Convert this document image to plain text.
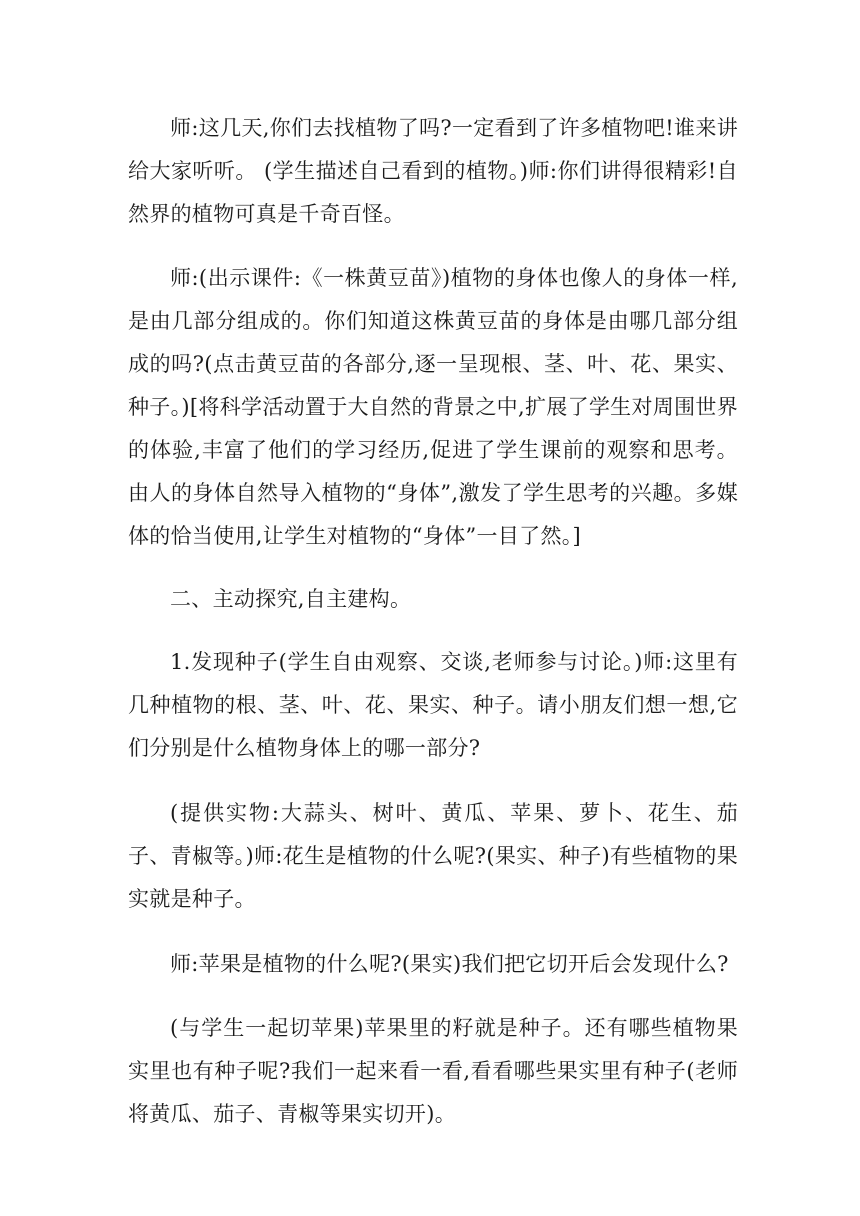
师:这几天,你们去找植物了吗?一定看到了许多植物吧!谁来讲给大家听听。 (学生描述自己看到的植物。)师:你们讲得很精彩!自然界的植物可真是千奇百怪。

师:(出示课件:《一株黄豆苗》)植物的身体也像人的身体一样,是由几部分组成的。你们知道这株黄豆苗的身体是由哪几部分组成的吗?(点击黄豆苗的各部分,逐一呈现根、茎、叶、花、果实、种子。)[将科学活动置于大自然的背景之中,扩展了学生对周围世界的体验,丰富了他们的学习经历,促进了学生课前的观察和思考。由人的身体自然导入植物的“身体”,激发了学生思考的兴趣。多媒体的恰当使用,让学生对植物的“身体”一目了然。]

二、主动探究,自主建构。

1.发现种子(学生自由观察、交谈,老师参与讨论。)师:这里有几种植物的根、茎、叶、花、果实、种子。请小朋友们想一想,它们分别是什么植物身体上的哪一部分?

(提供实物:大蒜头、树叶、黄瓜、苹果、萝卜、花生、茄子、青椒等。)师:花生是植物的什么呢?(果实、种子)有些植物的果实就是种子。

师:苹果是植物的什么呢?(果实)我们把它切开后会发现什么?

(与学生一起切苹果)苹果里的籽就是种子。还有哪些植物果实里也有种子呢?我们一起来看一看,看看哪些果实里有种子(老师将黄瓜、茄子、青椒等果实切开)。
